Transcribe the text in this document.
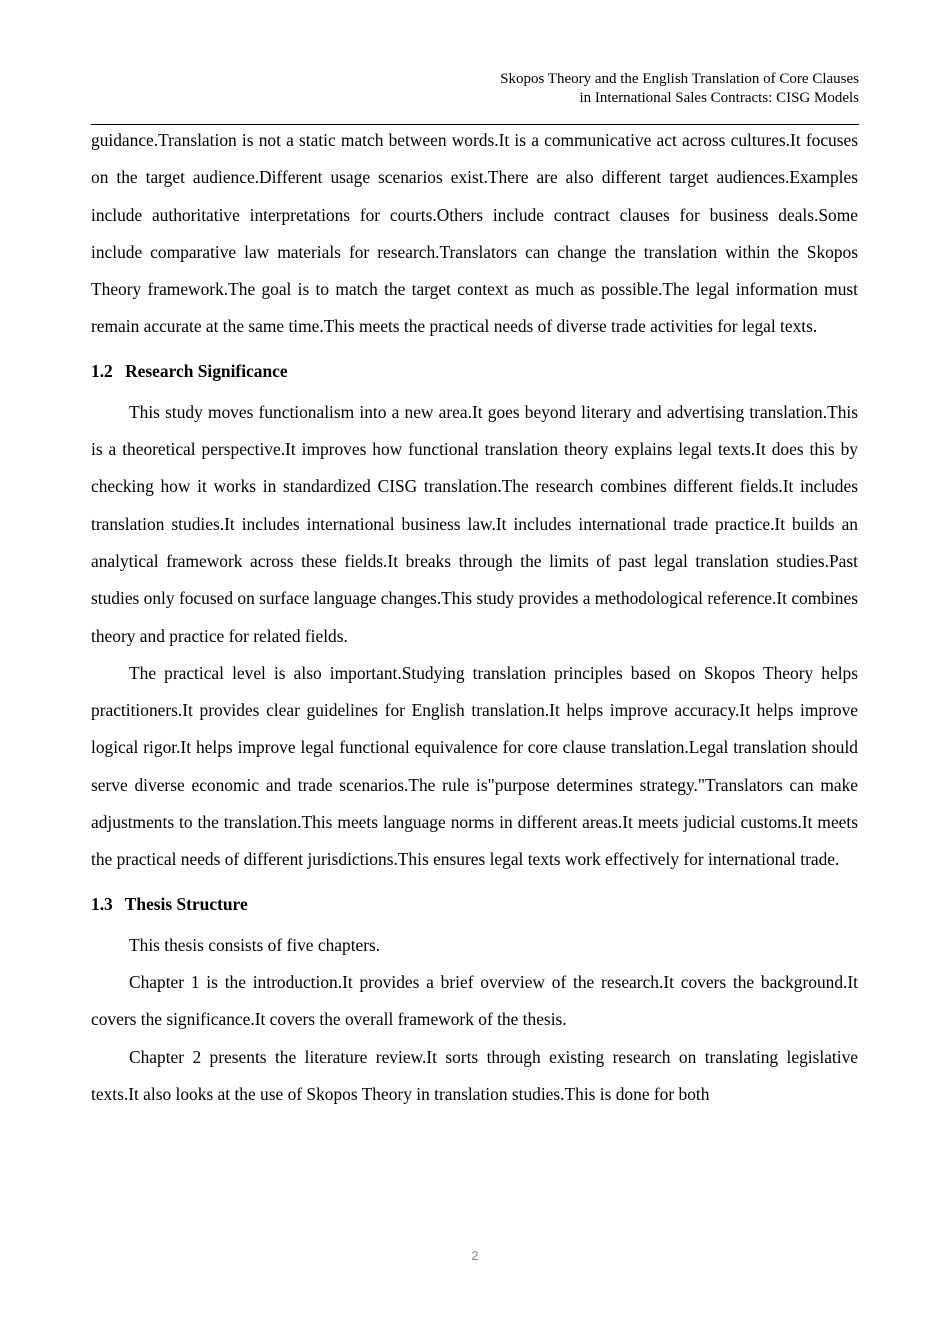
Skopos Theory and the English Translation of Core Clauses
in International Sales Contracts: CISG Models

guidance.Translation is not a static match between words.It is a communicative act across cultures.It focuses on the target audience.Different usage scenarios exist.There are also different target audiences.Examples include authoritative interpretations for courts.Others include contract clauses for business deals.Some include comparative law materials for research.Translators can change the translation within the Skopos Theory framework.The goal is to match the target context as much as possible.The legal information must remain accurate at the same time.This meets the practical needs of diverse trade activities for legal texts.

1.2 Research Significance

This study moves functionalism into a new area.It goes beyond literary and advertising translation.This is a theoretical perspective.It improves how functional translation theory explains legal texts.It does this by checking how it works in standardized CISG translation.The research combines different fields.It includes translation studies.It includes international business law.It includes international trade practice.It builds an analytical framework across these fields.It breaks through the limits of past legal translation studies.Past studies only focused on surface language changes.This study provides a methodological reference.It combines theory and practice for related fields.

The practical level is also important.Studying translation principles based on Skopos Theory helps practitioners.It provides clear guidelines for English translation.It helps improve accuracy.It helps improve logical rigor.It helps improve legal functional equivalence for core clause translation.Legal translation should serve diverse economic and trade scenarios.The rule is"purpose determines strategy."Translators can make adjustments to the translation.This meets language norms in different areas.It meets judicial customs.It meets the practical needs of different jurisdictions.This ensures legal texts work effectively for international trade.

1.3 Thesis Structure

This thesis consists of five chapters.

Chapter 1 is the introduction.It provides a brief overview of the research.It covers the background.It covers the significance.It covers the overall framework of the thesis.

Chapter 2 presents the literature review.It sorts through existing research on translating legislative texts.It also looks at the use of Skopos Theory in translation studies.This is done for both

2
